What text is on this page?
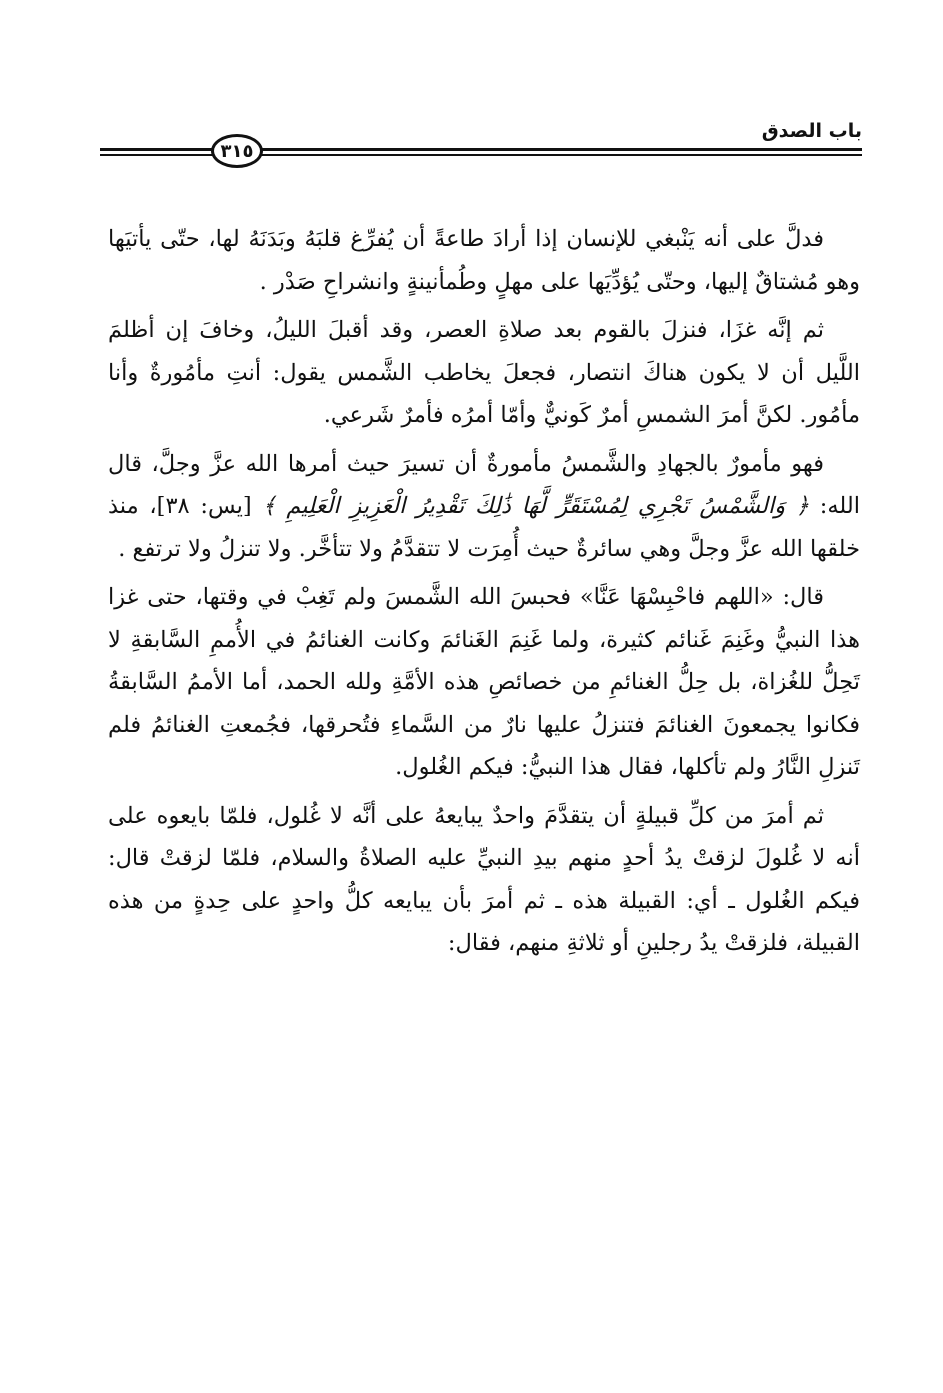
باب الصدق
٣١٥

فدلَّ على أنه يَنْبغي للإنسان إذا أرادَ طاعةً أن يُفرِّغ قلبَهُ وبَدَنَهُ لها، حتّى يأتيَها وهو مُشتاقٌ إليها، وحتّى يُؤدِّيَها على مهلٍ وطُمأنينةٍ وانشراحِ صَدْر .

ثم إنَّه غزَا، فنزلَ بالقوم بعد صلاةِ العصر، وقد أقبلَ الليلُ، وخافَ إن أظلمَ اللَّيل أن لا يكون هناكَ انتصار، فجعلَ يخاطب الشَّمس يقول: أنتِ مأمُورةٌ وأنا مأمُور. لكنَّ أمرَ الشمسِ أمرٌ كَونيٌّ وأمّا أمرُه فأمرٌ شَرعي.

فهو مأمورٌ بالجهادِ والشَّمسُ مأمورةٌ أن تسيرَ حيث أمرها الله عزَّ وجلَّ، قال الله: ﴿ وَالشَّمْسُ تَجْرِي لِمُسْتَقَرٍّ لَّهَا ذَٰلِكَ تَقْدِيرُ الْعَزِيزِ الْعَلِيمِ ﴾ [يس: ٣٨]، منذ خلقها الله عزَّ وجلَّ وهي سائرةٌ حيث أُمِرَت لا تتقدَّمُ ولا تتأخَّر. ولا تنزلُ ولا ترتفع .

قال: «اللهم فاحْبِسْهَا عَنَّا» فحبسَ الله الشَّمسَ ولم تَغِبْ في وقتها، حتى غزا هذا النبيُّ وغَنِمَ غَنائم كثيرة، ولما غَنِمَ الغَنائمَ وكانت الغنائمُ في الأُممِ السَّابقةِ لا تَحِلُّ للغُزاة، بل حِلُّ الغنائمِ من خصائصِ هذه الأمَّةِ ولله الحمد، أما الأممُ السَّابقةُ فكانوا يجمعونَ الغنائمَ فتنزلُ عليها نارٌ من السَّماءِ فتُحرقها، فجُمعتِ الغنائمُ فلم تَنزلِ النَّارُ ولم تأكلها، فقال هذا النبيُّ: فيكم الغُلول.

ثم أمرَ من كلِّ قبيلةٍ أن يتقدَّمَ واحدٌ يبايعهُ على أنَّه لا غُلول، فلمّا بايعوه على أنه لا غُلولَ لزقتْ يدُ أحدٍ منهم بيدِ النبيِّ عليه الصلاةُ والسلام، فلمّا لزقتْ قال: فيكم الغُلول ـ أي: القبيلة هذه ـ ثم أمرَ بأن يبايعه كلُّ واحدٍ على حِدةٍ من هذه القبيلة، فلزقتْ يدُ رجلينِ أو ثلاثةِ منهم، فقال:
